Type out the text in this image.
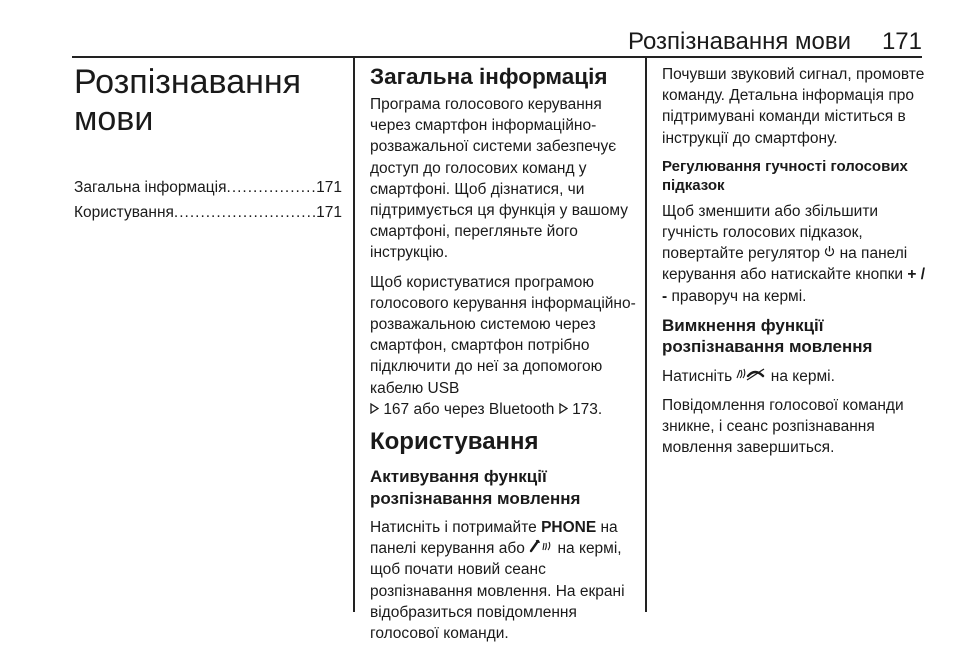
Розпізнавання мови 171
Розпізнавання мови
Загальна інформація .....	171
Користування .....	171
Загальна інформація

Програма голосового керування через смартфон інформаційно-розважальної системи забезпечує доступ до голосових команд у смартфоні. Щоб дізнатися, чи підтримується ця функція у вашому смартфоні, перегляньте його інструкцію.

Щоб користуватися програмою голосового керування інформаційно-розважальною системою через смартфон, смартфон потрібно підключити до неї за допомогою кабелю USB
167 або через Bluetooth 173.

Користування
Активування функції розпізнавання мовлення

Натисніть і потримайте PHONE на панелі керування або на кермі, щоб почати новий сеанс розпізнавання мовлення. На екрані відобразиться повідомлення голосової команди.

Почувши звуковий сигнал, промовте команду. Детальна інформація про підтримувані команди міститься в інструкції до смартфону.

Регулювання гучності голосових підказок

Щоб зменшити або збільшити гучність голосових підказок, повертайте регулятор на панелі керування або натискайте кнопки + / - праворуч на кермі.

Вимкнення функції розпізнавання мовлення

Натисніть на кермі.

Повідомлення голосової команди зникне, і сеанс розпізнавання мовлення завершиться.
